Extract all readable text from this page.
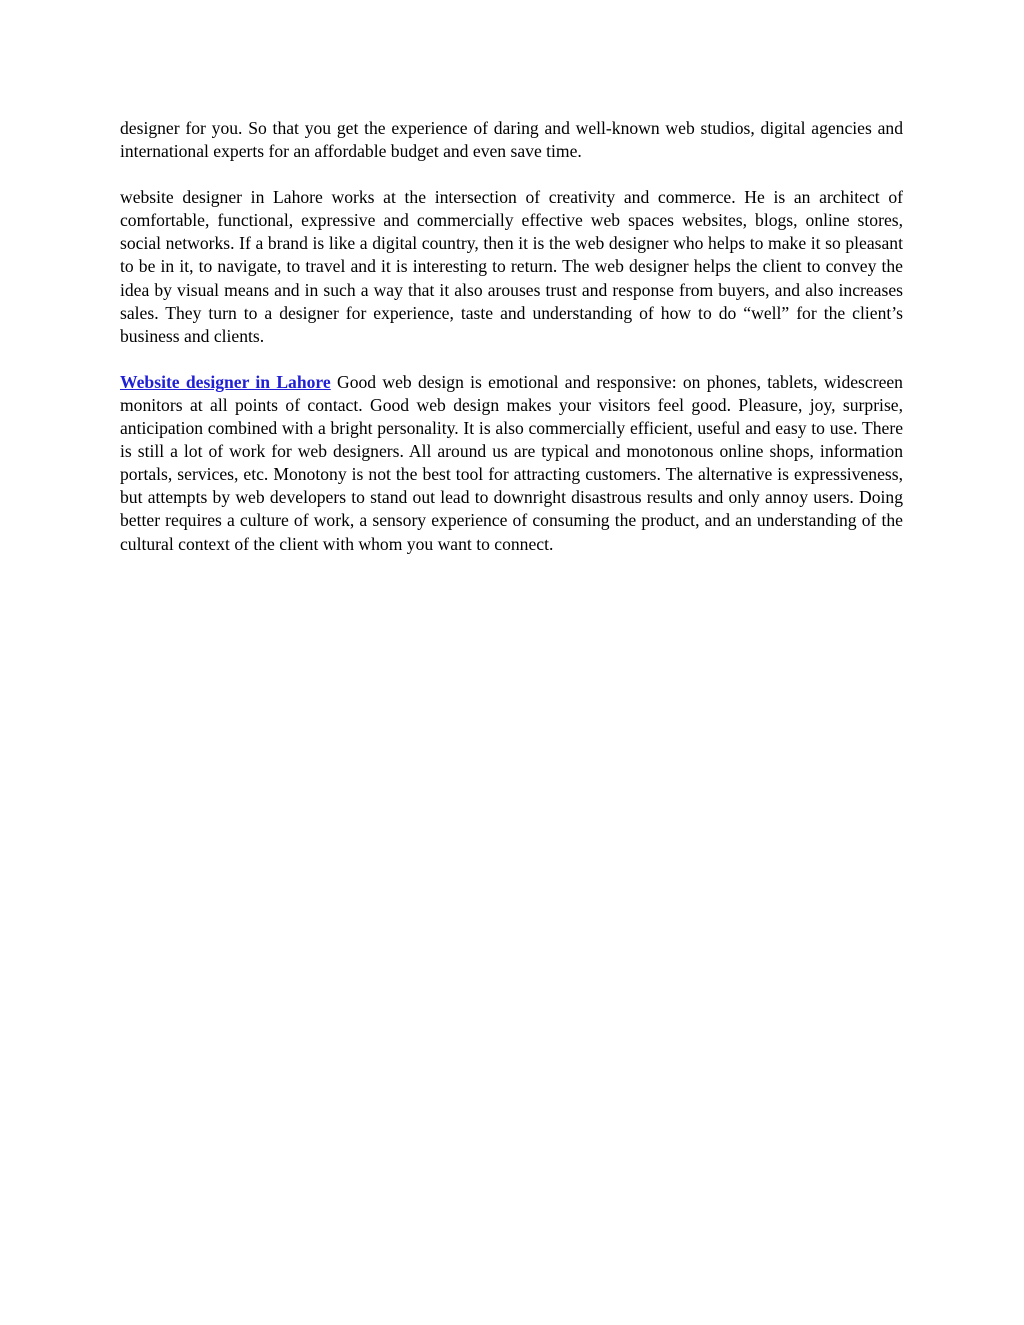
designer for you. So that you get the experience of daring and well-known web studios, digital agencies and international experts for an affordable budget and even save time.

website designer in Lahore works at the intersection of creativity and commerce. He is an architect of comfortable, functional, expressive and commercially effective web spaces websites, blogs, online stores, social networks. If a brand is like a digital country, then it is the web designer who helps to make it so pleasant to be in it, to navigate, to travel and it is interesting to return. The web designer helps the client to convey the idea by visual means and in such a way that it also arouses trust and response from buyers, and also increases sales. They turn to a designer for experience, taste and understanding of how to do “well” for the client’s business and clients.

Website designer in Lahore Good web design is emotional and responsive: on phones, tablets, widescreen monitors at all points of contact. Good web design makes your visitors feel good. Pleasure, joy, surprise, anticipation combined with a bright personality. It is also commercially efficient, useful and easy to use. There is still a lot of work for web designers. All around us are typical and monotonous online shops, information portals, services, etc. Monotony is not the best tool for attracting customers. The alternative is expressiveness, but attempts by web developers to stand out lead to downright disastrous results and only annoy users. Doing better requires a culture of work, a sensory experience of consuming the product, and an understanding of the cultural context of the client with whom you want to connect.
